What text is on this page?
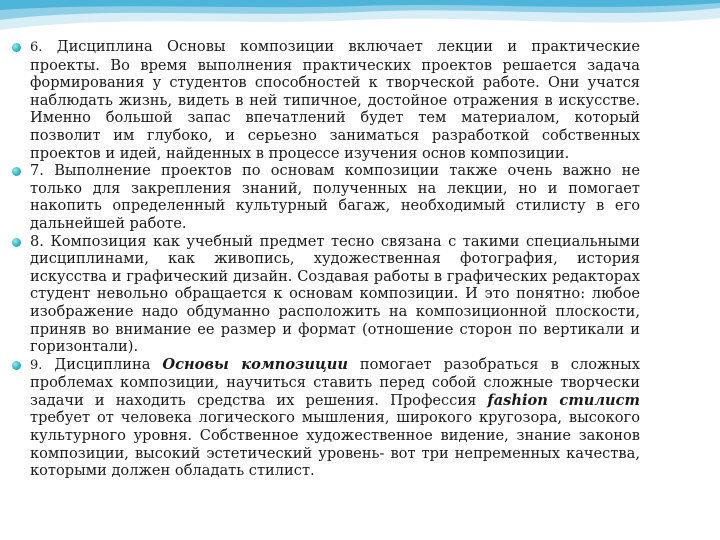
6. Дисциплина Основы композиции включает лекции и практические проекты. Во время выполнения практических проектов решается задача формирования у студентов способностей к творческой работе. Они учатся наблюдать жизнь, видеть в ней типичное, достойное отражения в искусстве. Именно большой запас впечатлений будет тем материалом, который позволит им глубоко, и серьезно заниматься разработкой собственных проектов и идей, найденных в процессе изучения основ композиции.
7. Выполнение проектов по основам композиции также очень важно не только для закрепления знаний, полученных на лекции, но и помогает накопить определенный культурный багаж, необходимый стилисту в его дальнейшей работе.
8. Композиция как учебный предмет тесно связана с такими специальными дисциплинами, как живопись, художественная фотография, история искусства и графический дизайн. Создавая работы в графических редакторах студент невольно обращается к основам композиции. И это понятно: любое изображение надо обдуманно расположить на композиционной плоскости, приняв во внимание ее размер и формат (отношение сторон по вертикали и горизонтали).
9. Дисциплина Основы композиции помогает разобраться в сложных проблемах композиции, научиться ставить перед собой сложные творчески задачи и находить средства их решения. Профессия fashion стилист требует от человека логического мышления, широкого кругозора, высокого культурного уровня. Собственное художественное видение, знание законов композиции, высокий эстетический уровень- вот три непременных качества, которыми должен обладать стилист.
